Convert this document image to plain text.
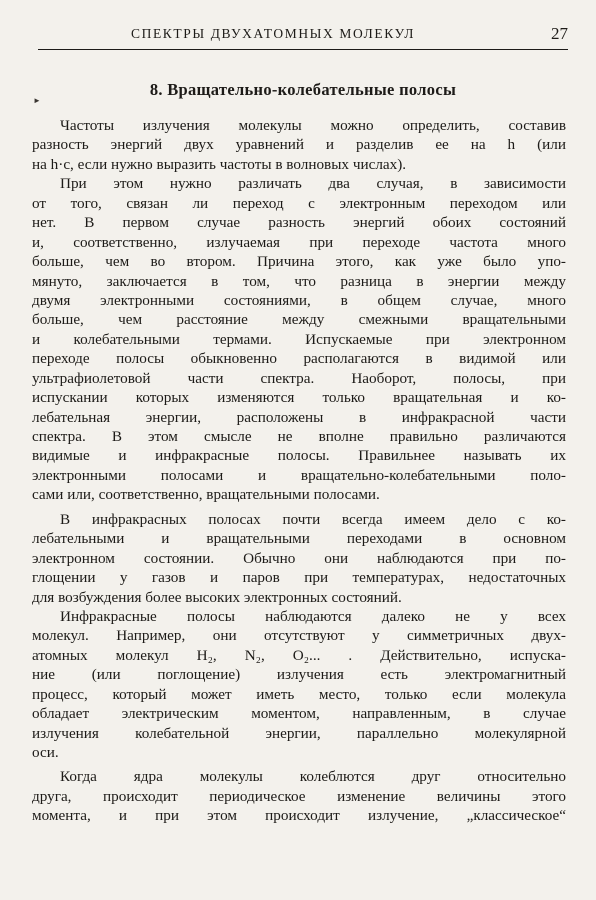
СПЕКТРЫ ДВУХАТОМНЫХ МОЛЕКУЛ	27
►
8. Вращательно-колебательные полосы
Частоты излучения молекулы можно определить, составив
разность энергий двух уравнений и разделив ее на h (или
на h·c, если нужно выразить частоты в волновых числах).
При этом нужно различать два случая, в зависимости
от того, связан ли переход с электронным переходом или
нет. В первом случае разность энергий обоих состояний
и, соответственно, излучаемая при переходе частота много
больше, чем во втором. Причина этого, как уже было упо-
мянуто, заключается в том, что разница в энергии между
двумя электронными состояниями, в общем случае, много
больше, чем расстояние между смежными вращательными
и колебательными термами. Испускаемые при электронном
переходе полосы обыкновенно располагаются в видимой или
ультрафиолетовой части спектра. Наоборот, полосы, при
испускании которых изменяются только вращательная и ко-
лебательная энергии, расположены в инфракрасной части
спектра. В этом смысле не вполне правильно различаются
видимые и инфракрасные полосы. Правильнее называть их
электронными полосами и вращательно-колебательными поло-
сами или, соответственно, вращательными полосами.
В инфракрасных полосах почти всегда имеем дело с ко-
лебательными и вращательными переходами в основном
электронном состоянии. Обычно они наблюдаются при по-
глощении у газов и паров при температурах, недостаточных
для возбуждения более высоких электронных состояний.
Инфракрасные полосы наблюдаются далеко не у всех
молекул. Например, они отсутствуют у симметричных двух-
атомных молекул H₂, N₂, O₂... . Действительно, испуска-
ние (или поглощение) излучения есть электромагнитный
процесс, который может иметь место, только если молекула
обладает электрическим моментом, направленным, в случае
излучения колебательной энергии, параллельно молекулярной
оси.
Когда ядра молекулы колеблются друг относительно
друга, происходит периодическое изменение величины этого
момента, и при этом происходит излучение, „классическое“
